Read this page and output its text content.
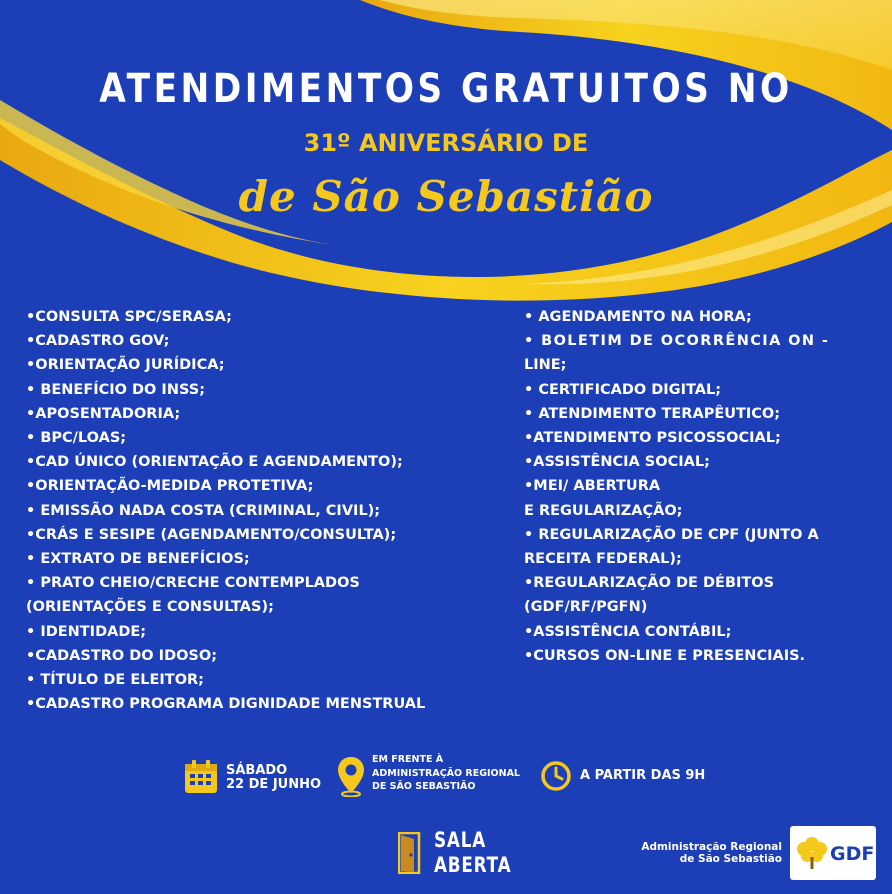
ATENDIMENTOS GRATUITOS NO
31º ANIVERSÁRIO DE
de São Sebastião
•CONSULTA SPC/SERASA;
•CADASTRO GOV;
•ORIENTAÇÃO JURÍDICA;
• BENEFÍCIO DO INSS;
•APOSENTADORIA;
• BPC/LOAS;
•CAD ÚNICO (ORIENTAÇÃO E AGENDAMENTO);
•ORIENTAÇÃO-MEDIDA PROTETIVA;
• EMISSÃO NADA COSTA (CRIMINAL, CIVIL);
•CRÁS E SESIPE (AGENDAMENTO/CONSULTA);
• EXTRATO DE BENEFÍCIOS;
• PRATO CHEIO/CRECHE CONTEMPLADOS
(ORIENTAÇÕES E CONSULTAS);
• IDENTIDADE;
•CADASTRO DO IDOSO;
• TÍTULO DE ELEITOR;
•CADASTRO PROGRAMA DIGNIDADE MENSTRUAL
• AGENDAMENTO NA HORA;
• BOLETIM DE OCORRÊNCIA ON -
LINE;
• CERTIFICADO DIGITAL;
• ATENDIMENTO TERAPÊUTICO;
•ATENDIMENTO PSICOSSOCIAL;
•ASSISTÊNCIA SOCIAL;
•MEI/ ABERTURA
E REGULARIZAÇÃO;
• REGULARIZAÇÃO DE CPF (JUNTO A
RECEITA FEDERAL);
•REGULARIZAÇÃO DE DÉBITOS
(GDF/RF/PGFN)
•ASSISTÊNCIA CONTÁBIL;
•CURSOS ON-LINE E PRESENCIAIS.
SÁBADO
22 DE JUNHO
EM FRENTE À
ADMINISTRAÇÃO REGIONAL
DE SÃO SEBASTIÃO
A PARTIR DAS 9H
SALA
ABERTA
Administração Regional
de São Sebastião	GDF
